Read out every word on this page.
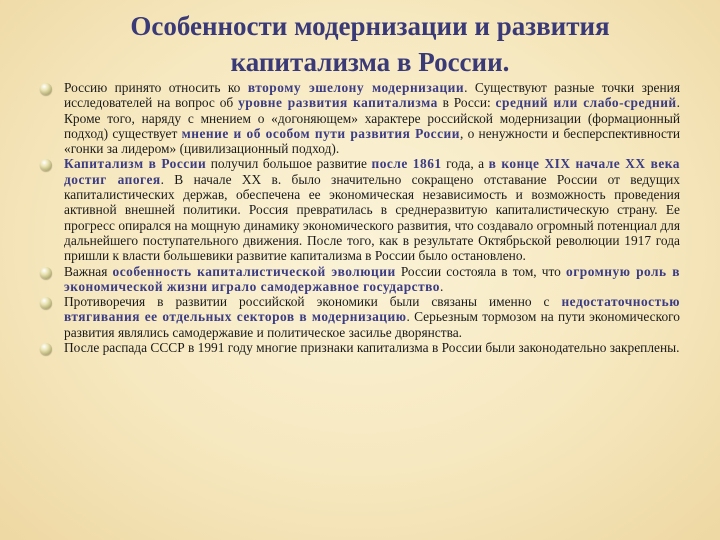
Особенности модернизации и развития
капитализма в России.

Россию принято относить ко второму эшелону модернизации. Существуют разные точки зрения исследователей на вопрос об уровне развития капитализма в Росси: средний или слабо-средний. Кроме того, наряду с мнением о «догоняющем» характере российской модернизации (формационный подход) существует мнение и об особом пути развития России, о ненужности и бесперспективности «гонки за лидером» (цивилизационный подход).

Капитализм в России получил большое развитие после 1861 года, а в конце XIX начале XX века достиг апогея. В начале XX в. было значительно сокращено отставание России от ведущих капиталистических держав, обеспечена ее экономическая независимость и возможность проведения активной внешней политики. Россия превратилась в среднеразвитую капиталистическую страну. Ее прогресс опирался на мощную динамику экономического развития, что создавало огромный потенциал для дальнейшего поступательного движения. После того, как в результате Октябрьской революции 1917 года пришли к власти большевики развитие капитализма в России было остановлено.

Важная особенность капиталистической эволюции России состояла в том, что огромную роль в экономической жизни играло самодержавное государство.

Противоречия в развитии российской экономики были связаны именно с недостаточностью втягивания ее отдельных секторов в модернизацию. Серьезным тормозом на пути экономического развития являлись самодержавие и политическое засилье дворянства.

После распада СССР в 1991 году многие признаки капитализма в России были законодательно закреплены.
